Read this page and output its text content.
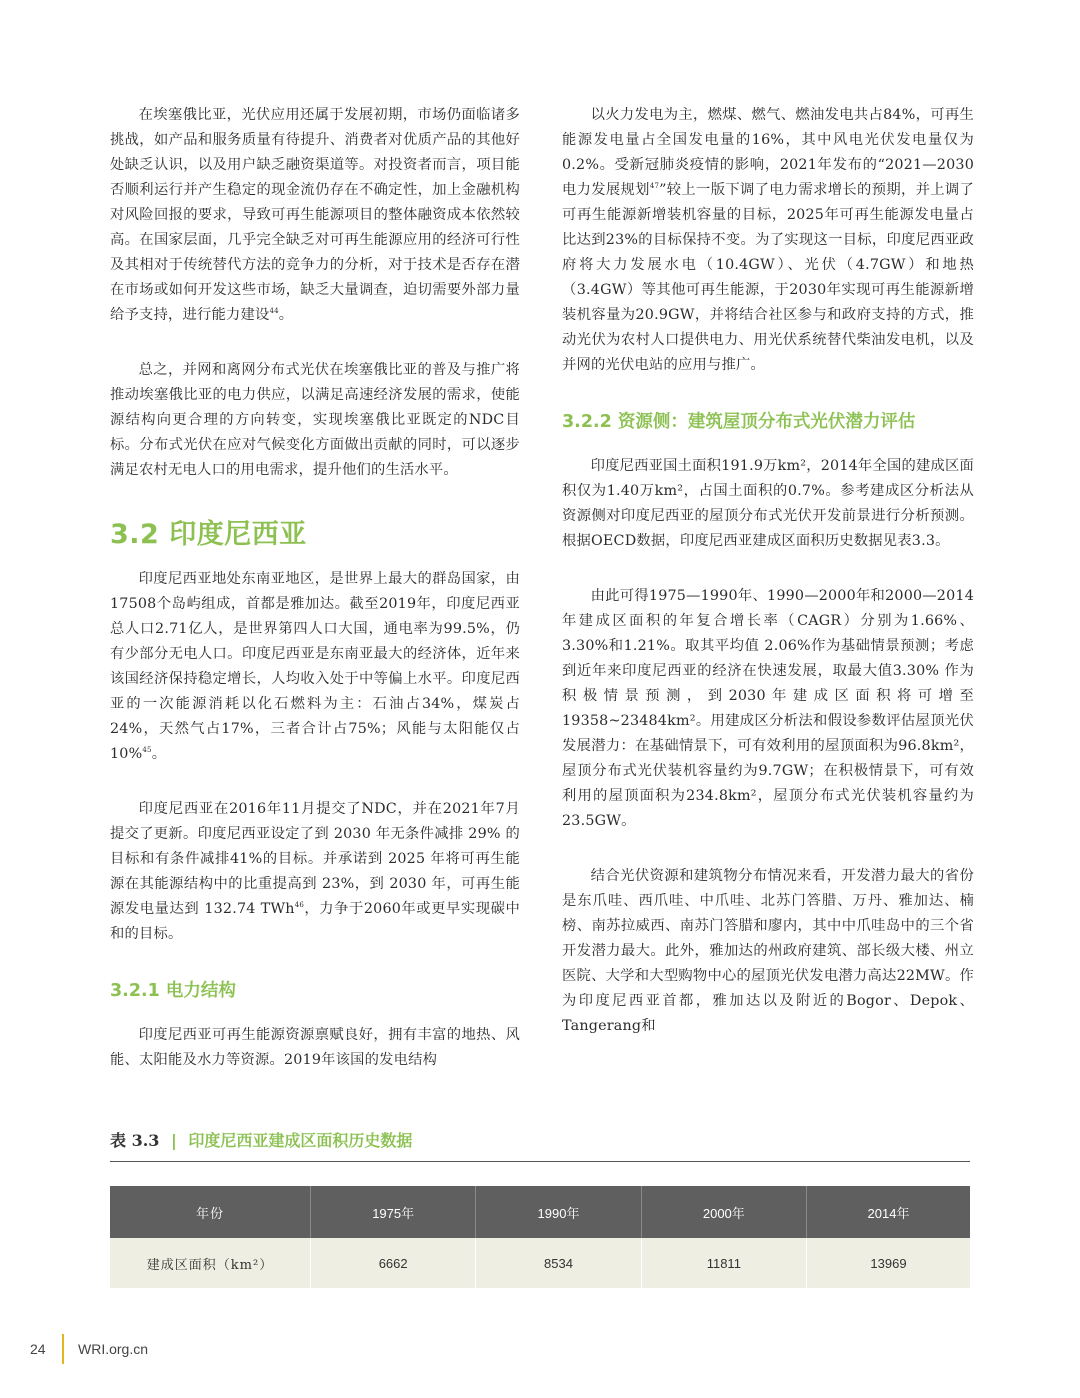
在埃塞俄比亚，光伏应用还属于发展初期，市场仍面临诸多挑战，如产品和服务质量有待提升、消费者对优质产品的其他好处缺乏认识，以及用户缺乏融资渠道等。对投资者而言，项目能否顺利运行并产生稳定的现金流仍存在不确定性，加上金融机构对风险回报的要求，导致可再生能源项目的整体融资成本依然较高。在国家层面，几乎完全缺乏对可再生能源应用的经济可行性及其相对于传统替代方法的竞争力的分析，对于技术是否存在潜在市场或如何开发这些市场，缺乏大量调查，迫切需要外部力量给予支持，进行能力建设$^{44}$。

总之，并网和离网分布式光伏在埃塞俄比亚的普及与推广将推动埃塞俄比亚的电力供应，以满足高速经济发展的需求，使能源结构向更合理的方向转变，实现埃塞俄比亚既定的NDC目标。分布式光伏在应对气候变化方面做出贡献的同时，可以逐步满足农村无电人口的用电需求，提升他们的生活水平。

3.2 印度尼西亚

印度尼西亚地处东南亚地区，是世界上最大的群岛国家，由17508个岛屿组成，首都是雅加达。截至2019年，印度尼西亚总人口2.71亿人，是世界第四人口大国，通电率为99.5%，仍有少部分无电人口。印度尼西亚是东南亚最大的经济体，近年来该国经济保持稳定增长，人均收入处于中等偏上水平。印度尼西亚的一次能源消耗以化石燃料为主：石油占34%，煤炭占24%，天然气占17%，三者合计占75%；风能与太阳能仅占10%$^{45}$。

印度尼西亚在2016年11月提交了NDC，并在2021年7月提交了更新。印度尼西亚设定了到 2030 年无条件减排 29% 的目标和有条件减排41%的目标。并承诺到 2025 年将可再生能源在其能源结构中的比重提高到 23%，到 2030 年，可再生能源发电量达到 132.74 TWh$^{46}$，力争于2060年或更早实现碳中和的目标。

3.2.1 电力结构

印度尼西亚可再生能源资源禀赋良好，拥有丰富的地热、风能、太阳能及水力等资源。2019年该国的发电结构

以火力发电为主，燃煤、燃气、燃油发电共占84%，可再生能源发电量占全国发电量的16%，其中风电光伏发电量仅为0.2%。受新冠肺炎疫情的影响，2021年发布的“2021—2030电力发展规划$^{47}$”较上一版下调了电力需求增长的预期，并上调了可再生能源新增装机容量的目标，2025年可再生能源发电量占比达到23%的目标保持不变。为了实现这一目标，印度尼西亚政府将大力发展水电（10.4GW）、光伏（4.7GW）和地热（3.4GW）等其他可再生能源，于2030年实现可再生能源新增装机容量为20.9GW，并将结合社区参与和政府支持的方式，推动光伏为农村人口提供电力、用光伏系统替代柴油发电机，以及并网的光伏电站的应用与推广。

3.2.2 资源侧：建筑屋顶分布式光伏潜力评估

印度尼西亚国土面积191.9万km²，2014年全国的建成区面积仅为1.40万km²，占国土面积的0.7%。参考建成区分析法从资源侧对印度尼西亚的屋顶分布式光伏开发前景进行分析预测。根据OECD数据，印度尼西亚建成区面积历史数据见表3.3。

由此可得1975—1990年、1990—2000年和2000—2014年建成区面积的年复合增长率（CAGR）分别为1.66%、3.30%和1.21%。取其平均值 2.06%作为基础情景预测；考虑到近年来印度尼西亚的经济在快速发展，取最大值3.30% 作为积极情景预测，到2030年建成区面积将可增至19358~23484km²。用建成区分析法和假设参数评估屋顶光伏发展潜力：在基础情景下，可有效利用的屋顶面积为96.8km²，屋顶分布式光伏装机容量约为9.7GW；在积极情景下，可有效利用的屋顶面积为234.8km²，屋顶分布式光伏装机容量约为23.5GW。

结合光伏资源和建筑物分布情况来看，开发潜力最大的省份是东爪哇、西爪哇、中爪哇、北苏门答腊、万丹、雅加达、楠榜、南苏拉威西、南苏门答腊和廖内，其中中爪哇岛中的三个省开发潜力最大。此外，雅加达的州政府建筑、部长级大楼、州立医院、大学和大型购物中心的屋顶光伏发电潜力高达22MW。作为印度尼西亚首都，雅加达以及附近的Bogor、Depok、Tangerang和

表 3.3 | 印度尼西亚建成区面积历史数据
年份	1975年	1990年	2000年	2014年
建成区面积（km²）	6662	8534	11811	13969
24	WRI.org.cn
